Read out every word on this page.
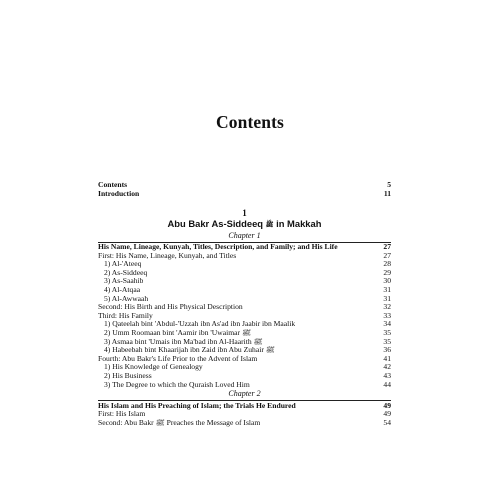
Contents
Contents	5
Introduction	11
1
Abu Bakr As-Siddeeq ﷺ in Makkah
Chapter 1
His Name, Lineage, Kunyah, Titles, Description, and Family; and His Life	27
First: His Name, Lineage, Kunyah, and Titles	27
1) Al-'Ateeq	28
2) As-Siddeeq	29
3) As-Saahib	30
4) Al-Atqaa	31
5) Al-Awwaah	31
Second: His Birth and His Physical Description	32
Third: His Family	33
1) Qateelah bint 'Abdul-'Uzzah ibn As'ad ibn Jaabir ibn Maalik	34
2) Umm Roomaan bint 'Aamir ibn 'Uwaimar ﷺ	35
3) Asmaa bint 'Umais ibn Ma'bad ibn Al-Haarith ﷺ	35
4) Habeebah bint Khaarijah ibn Zaid ibn Abu Zuhair ﷺ	36
Fourth: Abu Bakr's Life Prior to the Advent of Islam	41
1) His Knowledge of Genealogy	42
2) His Business	43
3) The Degree to which the Quraish Loved Him	44
Chapter 2
His Islam and His Preaching of Islam; the Trials He Endured	49
First: His Islam	49
Second: Abu Bakr ﷺ Preaches the Message of Islam	54
